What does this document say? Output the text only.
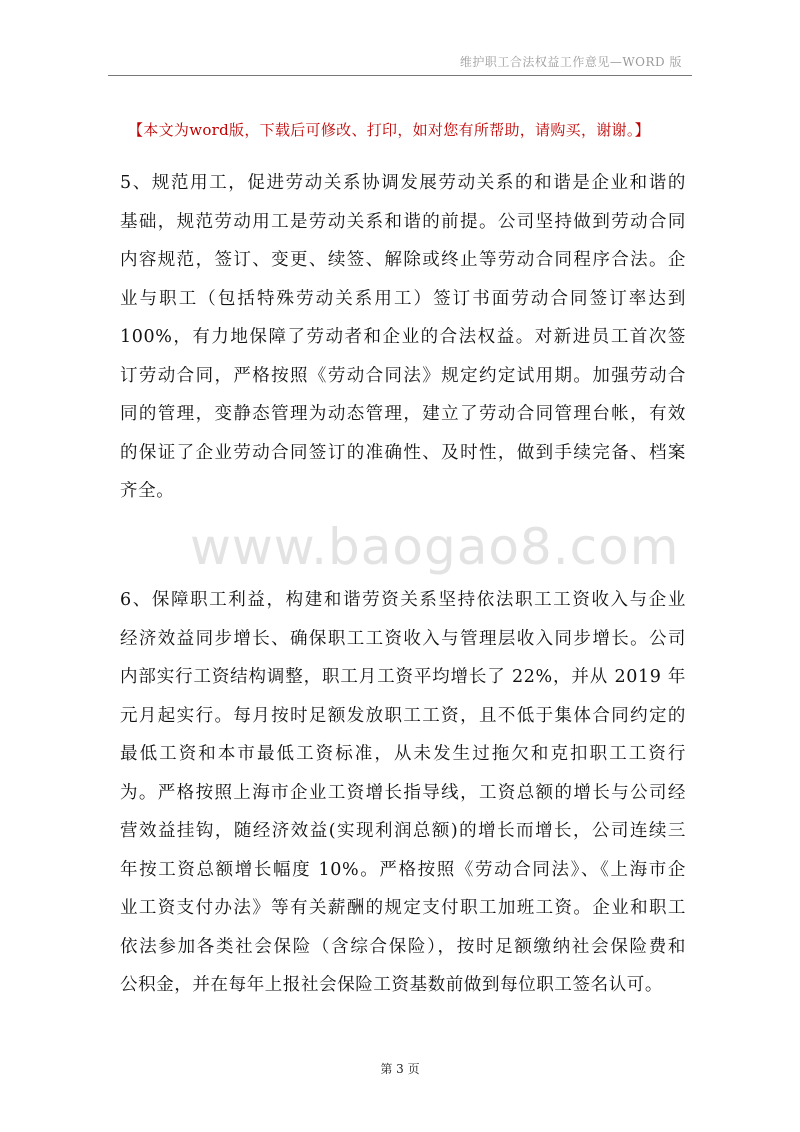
维护职工合法权益工作意见—WORD 版
【本文为word版，下载后可修改、打印，如对您有所帮助，请购买，谢谢。】
5、规范用工，促进劳动关系协调发展劳动关系的和谐是企业和谐的
基础，规范劳动用工是劳动关系和谐的前提。公司坚持做到劳动合同
内容规范，签订、变更、续签、解除或终止等劳动合同程序合法。企
业与职工（包括特殊劳动关系用工）签订书面劳动合同签订率达到
100%，有力地保障了劳动者和企业的合法权益。对新进员工首次签
订劳动合同，严格按照《劳动合同法》规定约定试用期。加强劳动合
同的管理，变静态管理为动态管理，建立了劳动合同管理台帐，有效
的保证了企业劳动合同签订的准确性、及时性，做到手续完备、档案
齐全。
www.baogao8.com
6、保障职工利益，构建和谐劳资关系坚持依法职工工资收入与企业
经济效益同步增长、确保职工工资收入与管理层收入同步增长。公司
内部实行工资结构调整，职工月工资平均增长了 22%，并从 2019 年
元月起实行。每月按时足额发放职工工资，且不低于集体合同约定的
最低工资和本市最低工资标准，从未发生过拖欠和克扣职工工资行
为。严格按照上海市企业工资增长指导线，工资总额的增长与公司经
营效益挂钩，随经济效益(实现利润总额)的增长而增长，公司连续三
年按工资总额增长幅度 10%。严格按照《劳动合同法》、《上海市企
业工资支付办法》等有关薪酬的规定支付职工加班工资。企业和职工
依法参加各类社会保险（含综合保险），按时足额缴纳社会保险费和
公积金，并在每年上报社会保险工资基数前做到每位职工签名认可。
第 3 页
